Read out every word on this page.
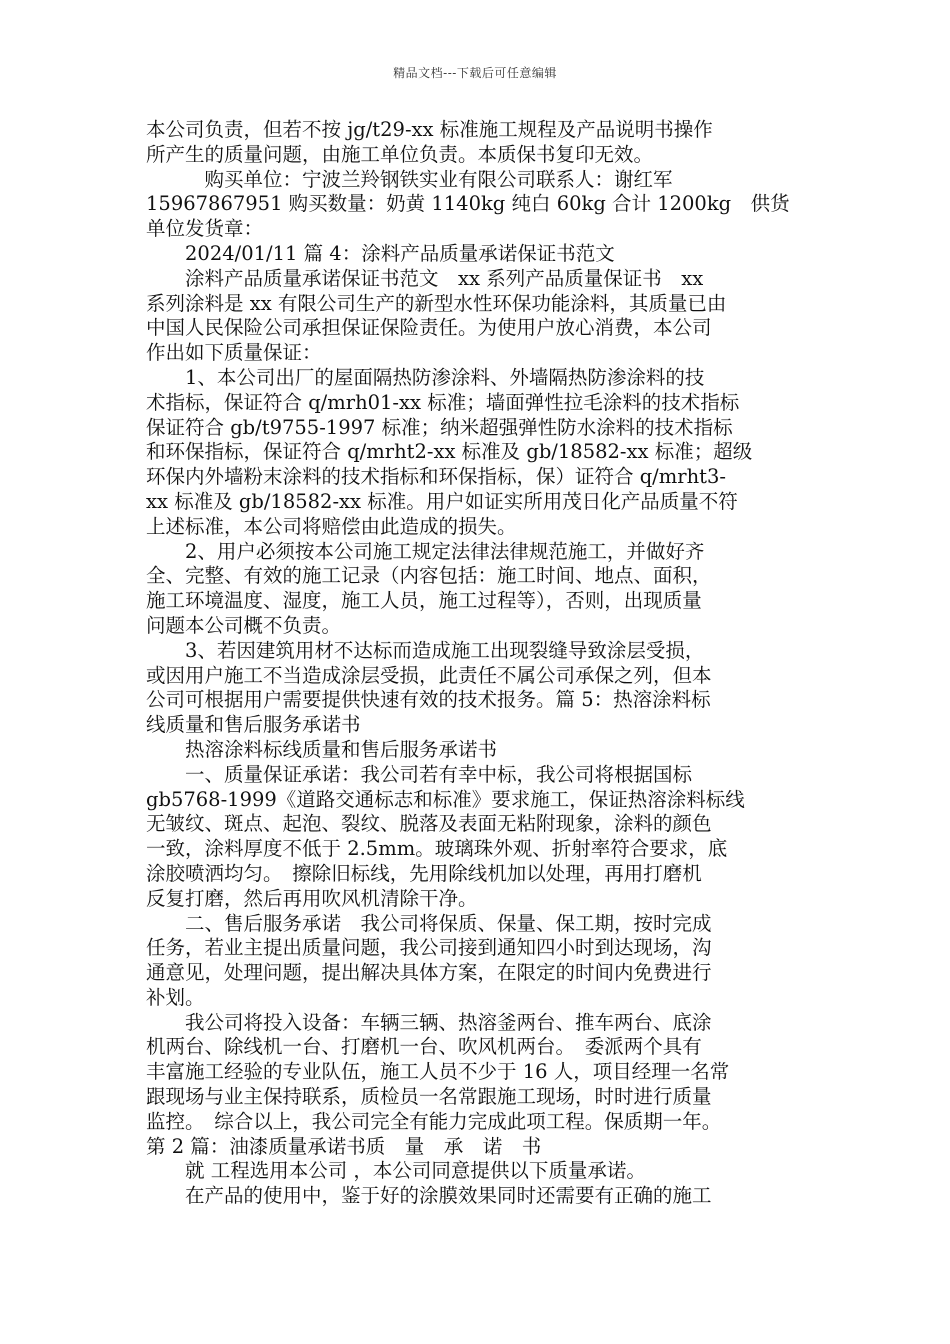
精品文档---下载后可任意编辑
本公司负责，但若不按 jg/t29-xx 标准施工规程及产品说明书操作
所产生的质量问题，由施工单位负责。本质保书复印无效。
　　　购买单位：宁波兰羚钢铁实业有限公司联系人：谢红军
15967867951 购买数量：奶黄 1140kg 纯白 60kg 合计 1200kg　供货
单位发货章：
　　2024/01/11 篇 4：涂料产品质量承诺保证书范文
　　涂料产品质量承诺保证书范文　xx 系列产品质量保证书　xx
系列涂料是 xx 有限公司生产的新型水性环保功能涂料，其质量已由
中国人民保险公司承担保证保险责任。为使用户放心消费，本公司
作出如下质量保证：
　　1、本公司出厂的屋面隔热防渗涂料、外墙隔热防渗涂料的技
术指标，保证符合 q/mrh01-xx 标准；墙面弹性拉毛涂料的技术指标
保证符合 gb/t9755-1997 标准；纳米超强弹性防水涂料的技术指标
和环保指标，保证符合 q/mrht2-xx 标准及 gb/18582-xx 标准；超级
环保内外墙粉末涂料的技术指标和环保指标，保）证符合 q/mrht3-
xx 标准及 gb/18582-xx 标准。用户如证实所用茂日化产品质量不符
上述标准，本公司将赔偿由此造成的损失。
　　2、用户必须按本公司施工规定法律法律规范施工，并做好齐
全、完整、有效的施工记录（内容包括：施工时间、地点、面积，
施工环境温度、湿度，施工人员，施工过程等），否则，出现质量
问题本公司概不负责。
　　3、若因建筑用材不达标而造成施工出现裂缝导致涂层受损，
或因用户施工不当造成涂层受损，此责任不属公司承保之列，但本
公司可根据用户需要提供快速有效的技术报务。篇 5：热溶涂料标
线质量和售后服务承诺书
　　热溶涂料标线质量和售后服务承诺书
　　一、质量保证承诺：我公司若有幸中标，我公司将根据国标
gb5768-1999《道路交通标志和标准》要求施工，保证热溶涂料标线
无皱纹、斑点、起泡、裂纹、脱落及表面无粘附现象，涂料的颜色
一致，涂料厚度不低于 2.5mm。玻璃珠外观、折射率符合要求，底
涂胶喷洒均匀。　擦除旧标线，先用除线机加以处理，再用打磨机
反复打磨，然后再用吹风机清除干净。
　　二、售后服务承诺　我公司将保质、保量、保工期，按时完成
任务，若业主提出质量问题，我公司接到通知四小时到达现场，沟
通意见，处理问题，提出解决具体方案，在限定的时间内免费进行
补划。
　　我公司将投入设备：车辆三辆、热溶釜两台、推车两台、底涂
机两台、除线机一台、打磨机一台、吹风机两台。　委派两个具有
丰富施工经验的专业队伍，施工人员不少于 16 人，项目经理一名常
跟现场与业主保持联系，质检员一名常跟施工现场，时时进行质量
监控。　综合以上，我公司完全有能力完成此项工程。保质期一年。
第 2 篇：油漆质量承诺书质　量　承　诺　书
　　就 工程选用本公司 ，本公司同意提供以下质量承诺。
　　在产品的使用中，鉴于好的涂膜效果同时还需要有正确的施工
